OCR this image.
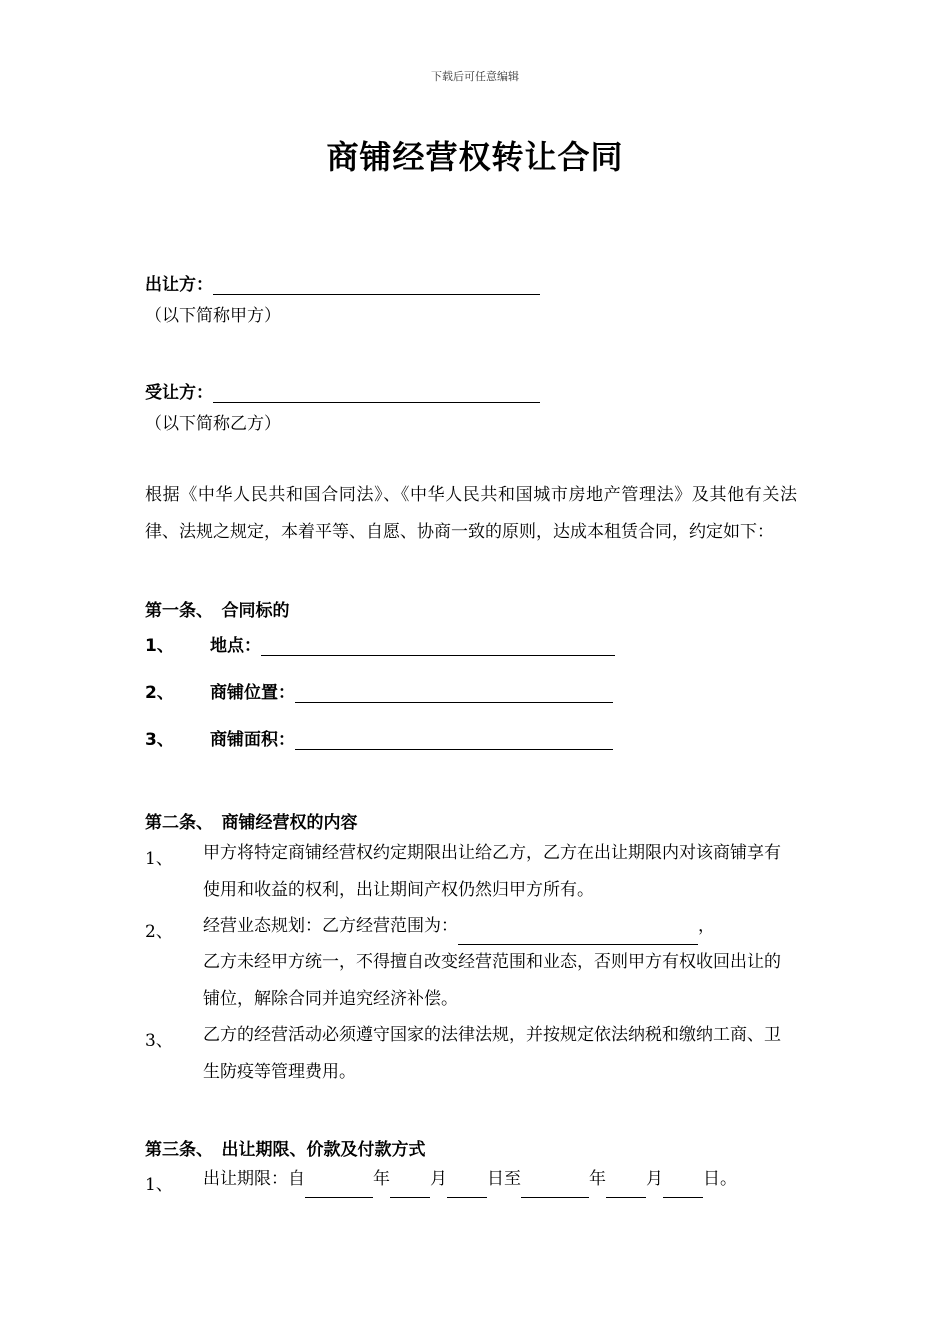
下载后可任意编辑
商铺经营权转让合同
出让方：
（以下简称甲方）
受让方：
（以下简称乙方）
根据《中华人民共和国合同法》、《中华人民共和国城市房地产管理法》及其他有关法律、法规之规定，本着平等、自愿、协商一致的原则，达成本租赁合同，约定如下：
第一条、　合同标的
1、 地点：
2、 商铺位置：
3、 商铺面积：
第二条、　商铺经营权的内容
1、 甲方将特定商铺经营权约定期限出让给乙方，乙方在出让期限内对该商铺享有使用和收益的权利，出让期间产权仍然归甲方所有。
2、 经营业态规划：乙方经营范围为：	，
乙方未经甲方统一，不得擅自改变经营范围和业态，否则甲方有权收回出让的铺位，解除合同并追究经济补偿。
3、 乙方的经营活动必须遵守国家的法律法规，并按规定依法纳税和缴纳工商、卫生防疫等管理费用。
第三条、　出让期限、价款及付款方式
1、 出让期限：自	年 月 日至	年 月 日。
